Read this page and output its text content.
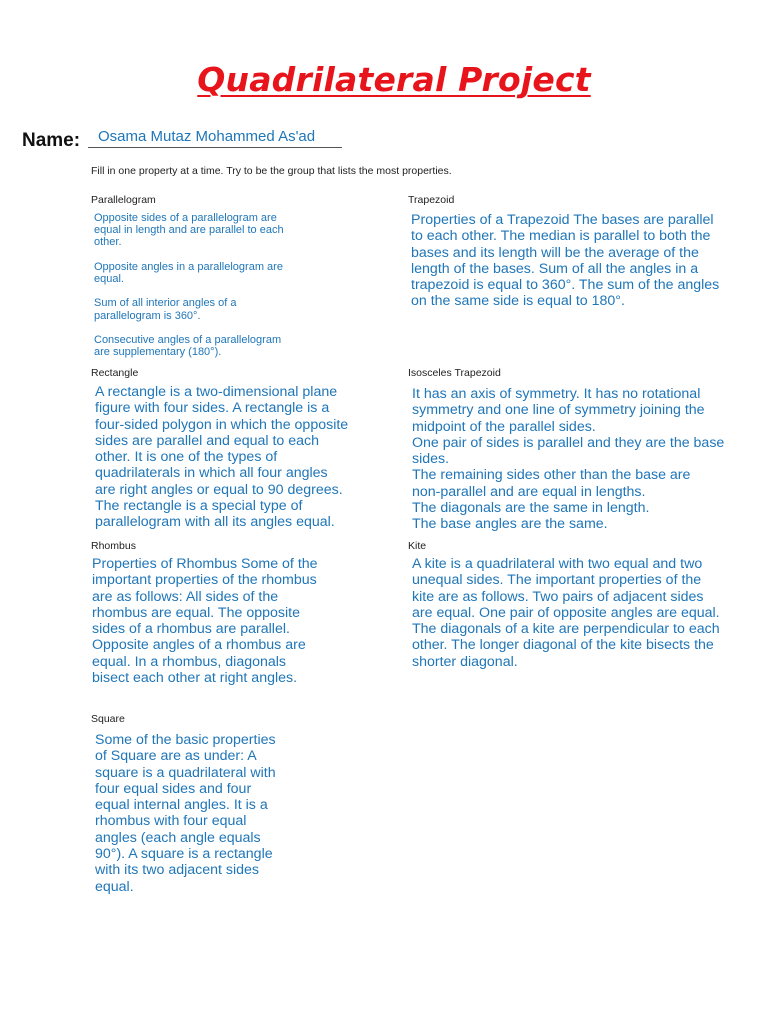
Quadrilateral Project
Name:	Osama Mutaz Mohammed As'ad
Fill in one property at a time. Try to be the group that lists the most properties.
Parallelogram
Opposite sides of a parallelogram are
equal in length and are parallel to each
other.
Opposite angles in a parallelogram are
equal.
Sum of all interior angles of a
parallelogram is 360°.
Consecutive angles of a parallelogram
are supplementary (180°).
Trapezoid
Properties of a Trapezoid The bases are parallel
to each other. The median is parallel to both the
bases and its length will be the average of the
length of the bases. Sum of all the angles in a
trapezoid is equal to 360°. The sum of the angles
on the same side is equal to 180°.
Rectangle
A rectangle is a two-dimensional plane
figure with four sides. A rectangle is a
four-sided polygon in which the opposite
sides are parallel and equal to each
other. It is one of the types of
quadrilaterals in which all four angles
are right angles or equal to 90 degrees.
The rectangle is a special type of
parallelogram with all its angles equal.
Isosceles Trapezoid
It has an axis of symmetry. It has no rotational
symmetry and one line of symmetry joining the
midpoint of the parallel sides.
One pair of sides is parallel and they are the base
sides.
The remaining sides other than the base are
non-parallel and are equal in lengths.
The diagonals are the same in length.
The base angles are the same.
Rhombus
Properties of Rhombus Some of the
important properties of the rhombus
are as follows: All sides of the
rhombus are equal. The opposite
sides of a rhombus are parallel.
Opposite angles of a rhombus are
equal. In a rhombus, diagonals
bisect each other at right angles.
Kite
A kite is a quadrilateral with two equal and two
unequal sides. The important properties of the
kite are as follows. Two pairs of adjacent sides
are equal. One pair of opposite angles are equal.
The diagonals of a kite are perpendicular to each
other. The longer diagonal of the kite bisects the
shorter diagonal.
Square
Some of the basic properties
of Square are as under: A
square is a quadrilateral with
four equal sides and four
equal internal angles. It is a
rhombus with four equal
angles (each angle equals
90°). A square is a rectangle
with its two adjacent sides
equal.
